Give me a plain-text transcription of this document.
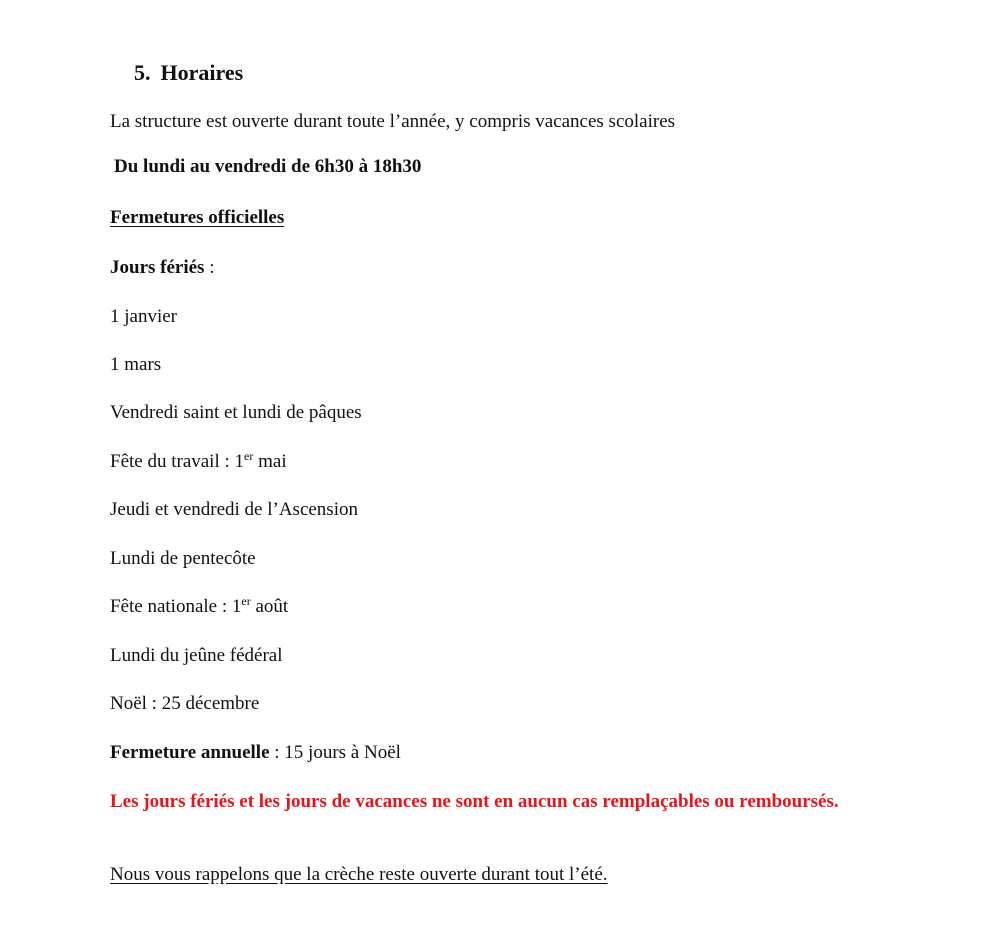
5. Horaires
La structure est ouverte durant toute l’année, y compris vacances scolaires
Du lundi au vendredi de 6h30 à 18h30
Fermetures officielles
Jours fériés :
1 janvier
1 mars
Vendredi saint et lundi de pâques
Fête du travail : 1er mai
Jeudi et vendredi de l’Ascension
Lundi de pentecôte
Fête nationale : 1er août
Lundi du jeûne fédéral
Noël : 25 décembre
Fermeture annuelle : 15 jours à Noël
Les jours fériés et les jours de vacances ne sont en aucun cas remplaçables ou remboursés.
Nous vous rappelons que la crèche reste ouverte durant tout l’été.
